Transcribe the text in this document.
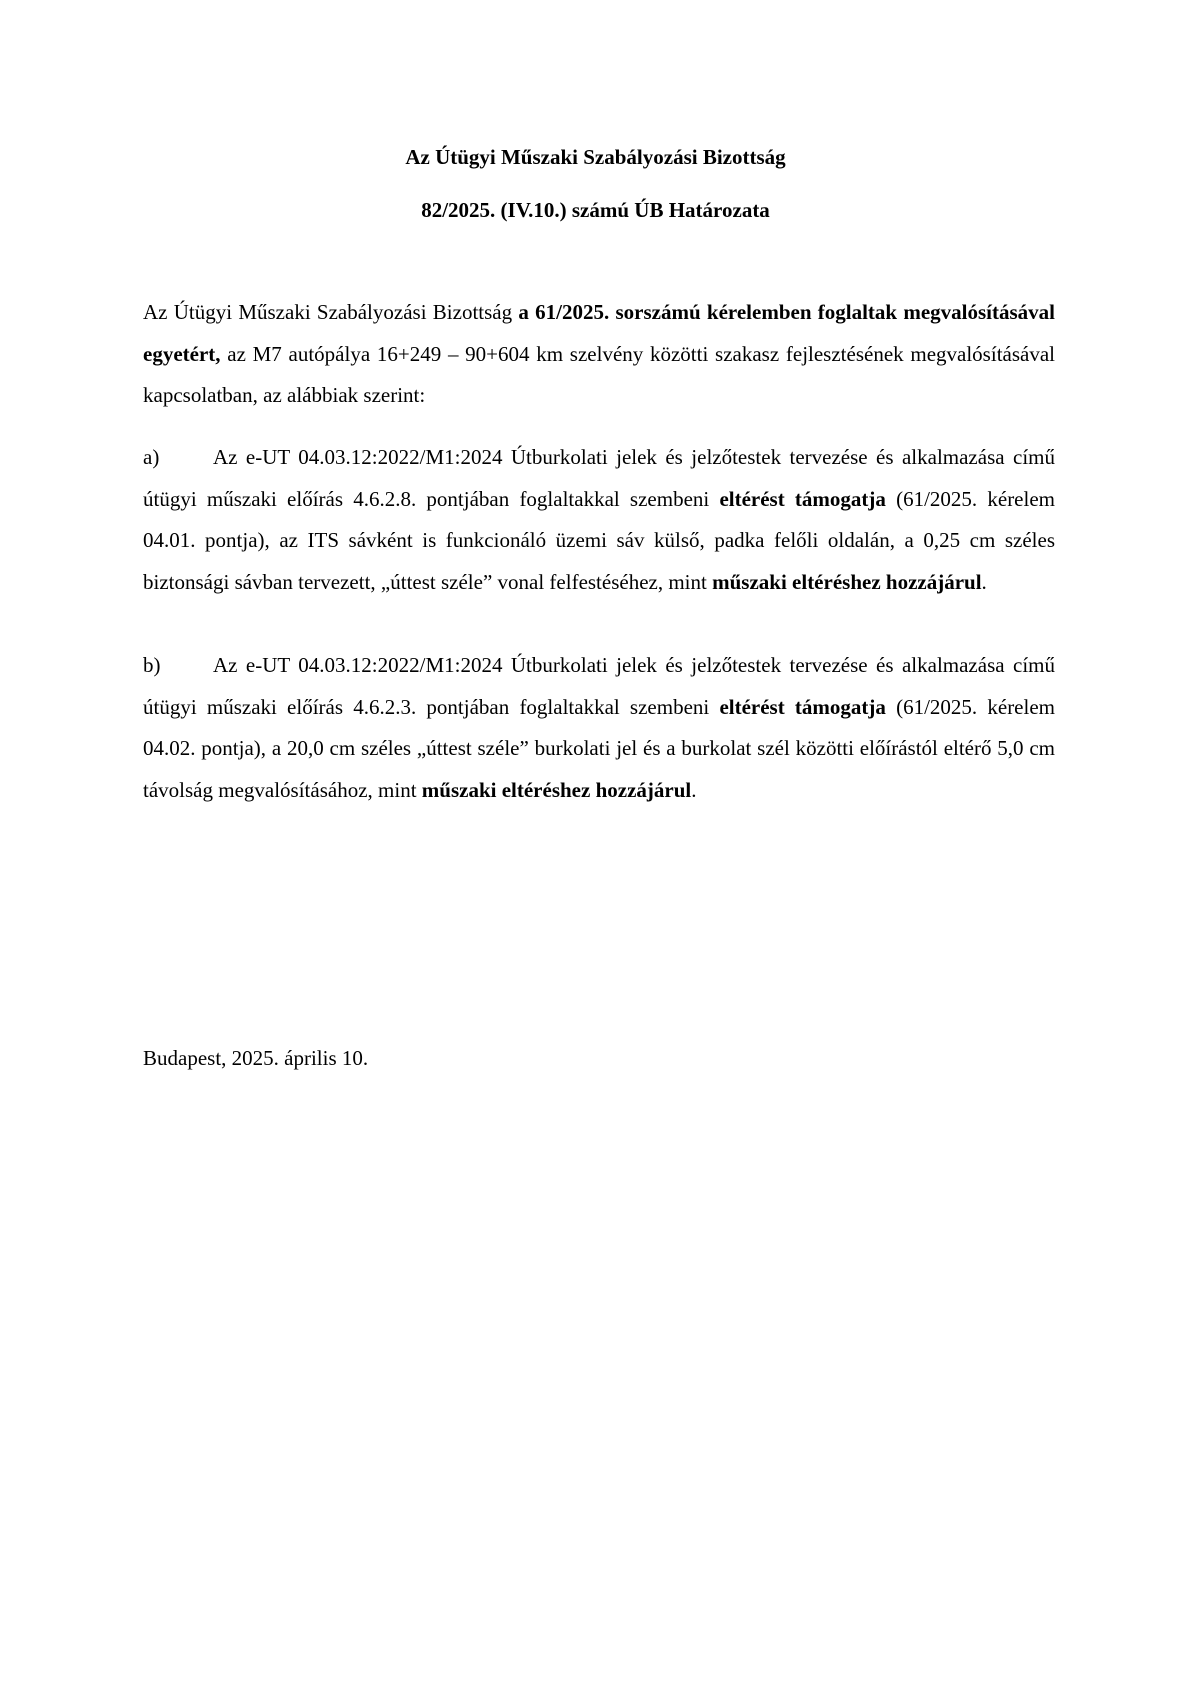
Az Útügyi Műszaki Szabályozási Bizottság
82/2025. (IV.10.) számú ÚB Határozata

Az Útügyi Műszaki Szabályozási Bizottság a 61/2025. sorszámú kérelemben foglaltak megvalósításával egyetért, az M7 autópálya 16+249 – 90+604 km szelvény közötti szakasz fejlesztésének megvalósításával kapcsolatban, az alábbiak szerint:

a)	Az e-UT 04.03.12:2022/M1:2024 Útburkolati jelek és jelzőtestek tervezése és alkalmazása című útügyi műszaki előírás 4.6.2.8. pontjában foglaltakkal szembeni eltérést támogatja (61/2025. kérelem 04.01. pontja), az ITS sávként is funkcionáló üzemi sáv külső, padka felőli oldalán, a 0,25 cm széles biztonsági sávban tervezett, „úttest széle” vonal felfestéséhez, mint műszaki eltéréshez hozzájárul.

b)	Az e-UT 04.03.12:2022/M1:2024 Útburkolati jelek és jelzőtestek tervezése és alkalmazása című útügyi műszaki előírás 4.6.2.3. pontjában foglaltakkal szembeni eltérést támogatja (61/2025. kérelem 04.02. pontja), a 20,0 cm széles „úttest széle” burkolati jel és a burkolat szél közötti előírástól eltérő 5,0 cm távolság megvalósításához, mint műszaki eltéréshez hozzájárul.

Budapest, 2025. április 10.
